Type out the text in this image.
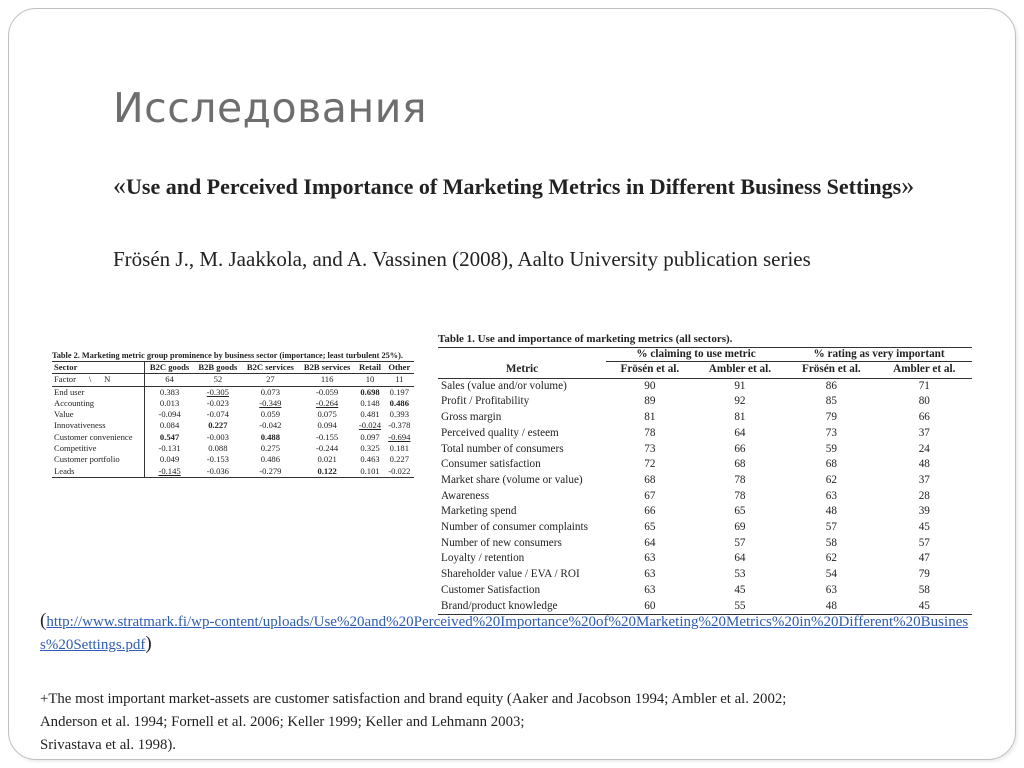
Исследования
«Use and Perceived Importance of Marketing Metrics in Different Business Settings»
Frösén J., M. Jaakkola, and A. Vassinen (2008), Aalto University publication series
Table 2. Marketing metric group prominence by business sector (importance; least turbulent 25%).
Sector	B2C goods	B2B goods	B2C services	B2B services	Retail	Other
Factor      \      N	64	52	27	116	10	11
End user	0.383	-0.305	0.073	-0.059	0.698	0.197
Accounting	0.013	-0.023	-0.349	-0.264	0.148	0.486
Value	-0.094	-0.074	0.059	0.075	0.481	0.393
Innovativeness	0.084	0.227	-0.042	0.094	-0.024	-0.378
Customer convenience	0.547	-0.003	0.488	-0.155	0.097	-0.694
Competitive	-0.131	0.088	0.275	-0.244	0.325	0.181
Customer portfolio	0.049	-0.153	0.486	0.021	0.463	0.227
Leads	-0.145	-0.036	-0.279	0.122	0.101	-0.022
Table 1. Use and importance of marketing metrics (all sectors).
	% claiming to use metric		% rating as very important	
Metric	Frösén et al.	Ambler et al.	Frösén et al.	Ambler et al.
Sales (value and/or volume)	90	91	86	71
Profit / Profitability	89	92	85	80
Gross margin	81	81	79	66
Perceived quality / esteem	78	64	73	37
Total number of consumers	73	66	59	24
Consumer satisfaction	72	68	68	48
Market share (volume or value)	68	78	62	37
Awareness	67	78	63	28
Marketing spend	66	65	48	39
Number of consumer complaints	65	69	57	45
Number of new consumers	64	57	58	57
Loyalty / retention	63	64	62	47
Shareholder value / EVA / ROI	63	53	54	79
Customer Satisfaction	63	45	63	58
Brand/product knowledge	60	55	48	45
(http://www.stratmark.fi/wp-content/uploads/Use%20and%20Perceived%20Importance%20of%20Marketing%20Metrics%20in%20Different%20Business%20Settings.pdf)
+The most important market-assets are customer satisfaction and brand equity (Aaker and Jacobson 1994; Ambler et al. 2002;
Anderson et al. 1994; Fornell et al. 2006; Keller 1999; Keller and Lehmann 2003;
Srivastava et al. 1998).
